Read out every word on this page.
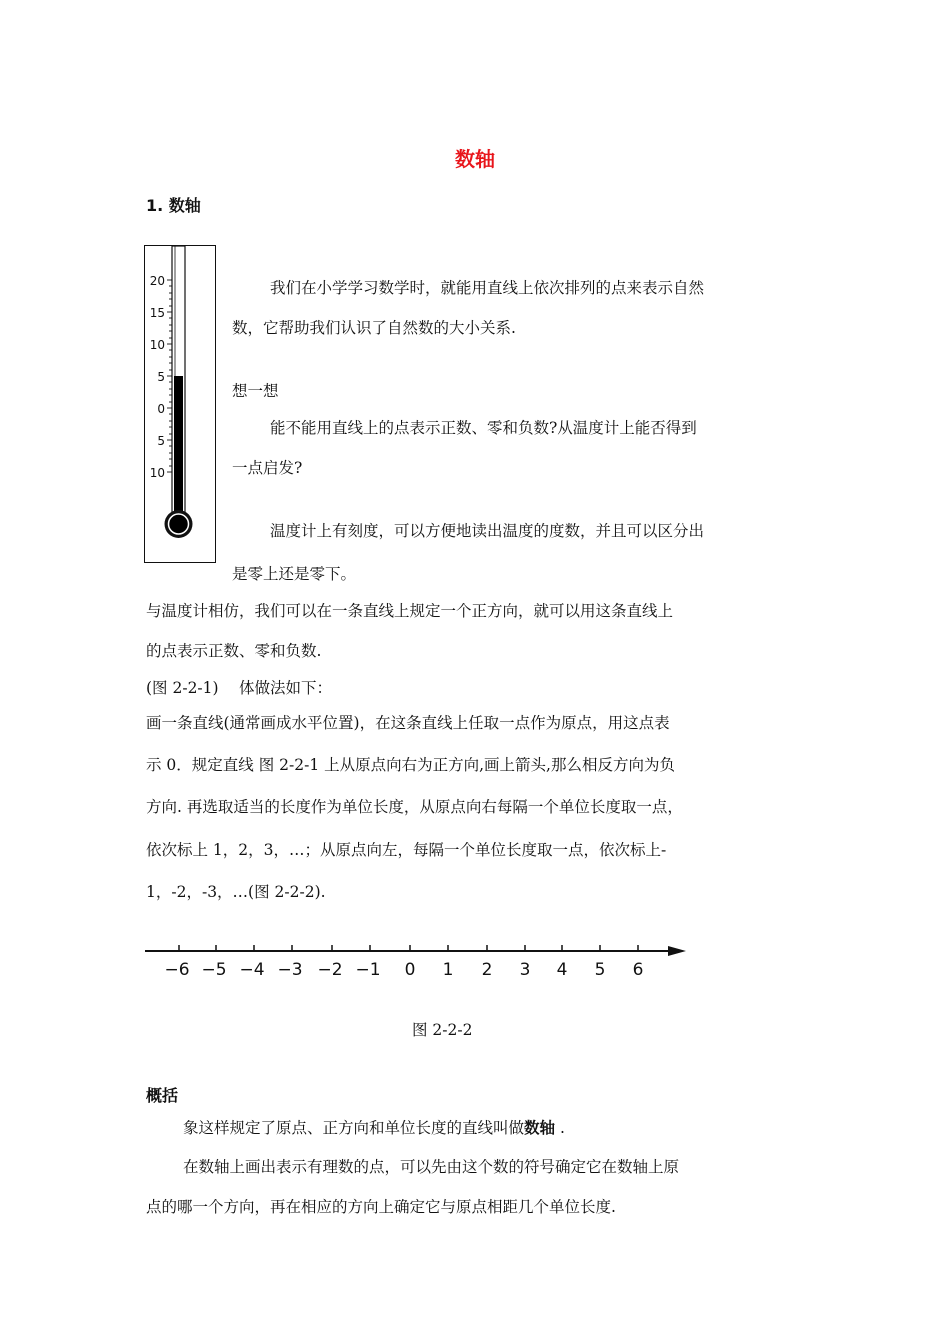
数轴
1. 数轴
20
15
10
5
0
5
10
我们在小学学习数学时，就能用直线上依次排列的点来表示自然
数，它帮助我们认识了自然数的大小关系.
想一想
能不能用直线上的点表示正数、零和负数?从温度计上能否得到
一点启发?
温度计上有刻度，可以方便地读出温度的度数，并且可以区分出
是零上还是零下。
与温度计相仿，我们可以在一条直线上规定一个正方向，就可以用这条直线上
的点表示正数、零和负数.
(图 2-2-1)　 体做法如下：
画一条直线(通常画成水平位置)，在这条直线上任取一点作为原点，用这点表
示 0．规定直线 图 2-2-1 上从原点向右为正方向,画上箭头,那么相反方向为负
方向. 再选取适当的长度作为单位长度，从原点向右每隔一个单位长度取一点，
依次标上 1，2，3，…；从原点向左，每隔一个单位长度取一点，依次标上-
1，-2，-3，…(图 2-2-2).
−6 −5 −4 −3 −2 −1 0 1 2 3 4 5 6
图 2-2-2
概括
象这样规定了原点、正方向和单位长度的直线叫做数轴 .
在数轴上画出表示有理数的点，可以先由这个数的符号确定它在数轴上原
点的哪一个方向，再在相应的方向上确定它与原点相距几个单位长度.
